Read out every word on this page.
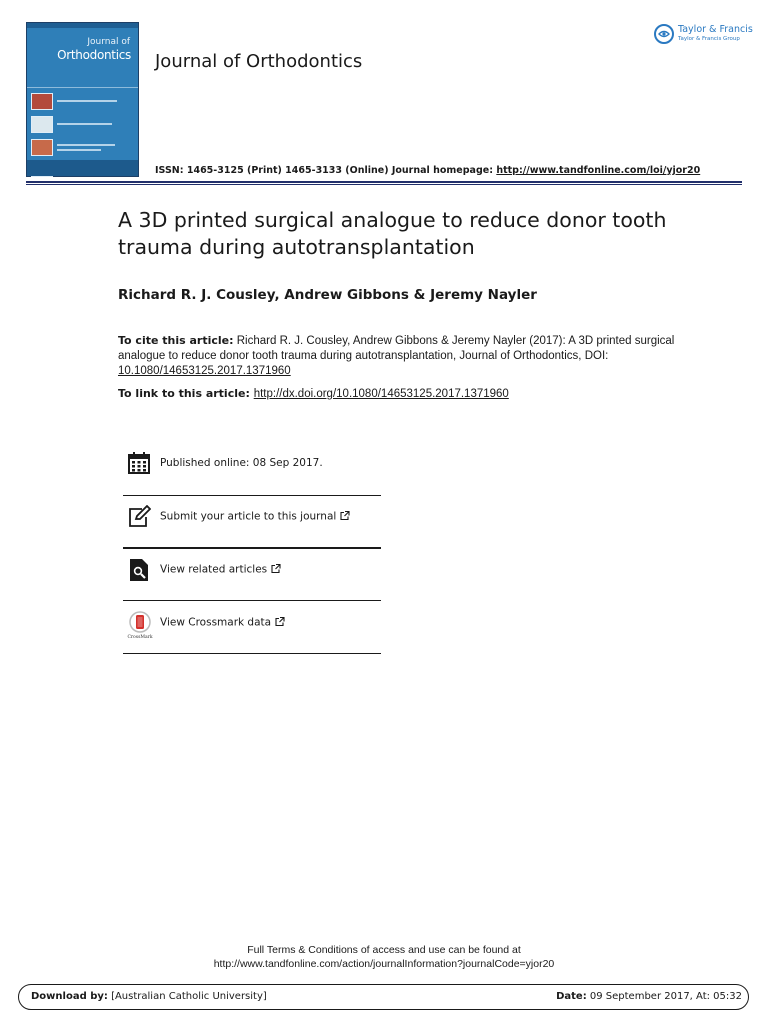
Journal of
Orthodontics Journal of Orthodontics
ISSN: 1465-3125 (Print) 1465-3133 (Online) Journal homepage: http://www.tandfonline.com/loi/yjor20
Taylor & Francis
Taylor & Francis Group
A 3D printed surgical analogue to reduce donor tooth trauma during autotransplantation
Richard R. J. Cousley, Andrew Gibbons & Jeremy Nayler
To cite this article: Richard R. J. Cousley, Andrew Gibbons & Jeremy Nayler (2017): A 3D printed surgical analogue to reduce donor tooth trauma during autotransplantation, Journal of Orthodontics, DOI: 10.1080/14653125.2017.1371960
To link to this article: http://dx.doi.org/10.1080/14653125.2017.1371960
Published online: 08 Sep 2017.
Submit your article to this journal
View related articles
CrossMark
View Crossmark data
Full Terms & Conditions of access and use can be found at
http://www.tandfonline.com/action/journalInformation?journalCode=yjor20
Download by: [Australian Catholic University]	Date: 09 September 2017, At: 05:32
